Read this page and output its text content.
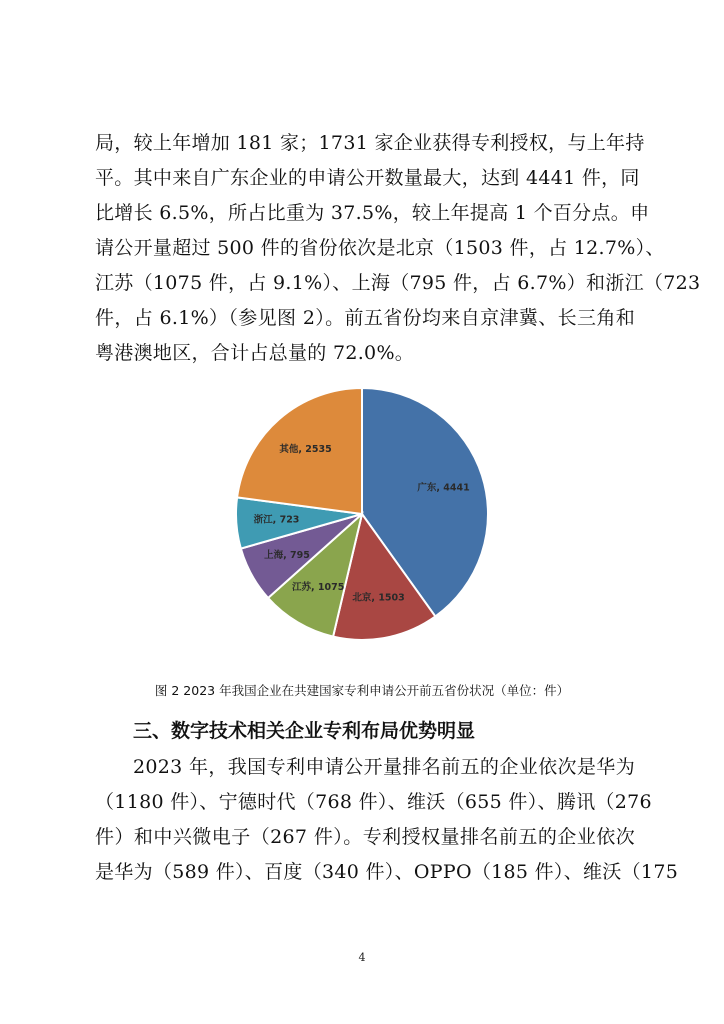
局，较上年增加 181 家；1731 家企业获得专利授权，与上年持
平。其中来自广东企业的申请公开数量最大，达到 4441 件，同
比增长 6.5%，所占比重为 37.5%，较上年提高 1 个百分点。申
请公开量超过 500 件的省份依次是北京（1503 件，占 12.7%）、
江苏（1075 件，占 9.1%）、上海（795 件，占 6.7%）和浙江（723
件，占 6.1%）（参见图 2）。前五省份均来自京津冀、长三角和
粤港澳地区，合计占总量的 72.0%。
广东, 4441
北京, 1503
江苏, 1075
上海, 795
浙江, 723
其他, 2535
图 2 2023 年我国企业在共建国家专利申请公开前五省份状况（单位：件）
三、数字技术相关企业专利布局优势明显
2023 年，我国专利申请公开量排名前五的企业依次是华为
（1180 件）、宁德时代（768 件）、维沃（655 件）、腾讯（276
件）和中兴微电子（267 件）。专利授权量排名前五的企业依次
是华为（589 件）、百度（340 件）、OPPO（185 件）、维沃（175
4
